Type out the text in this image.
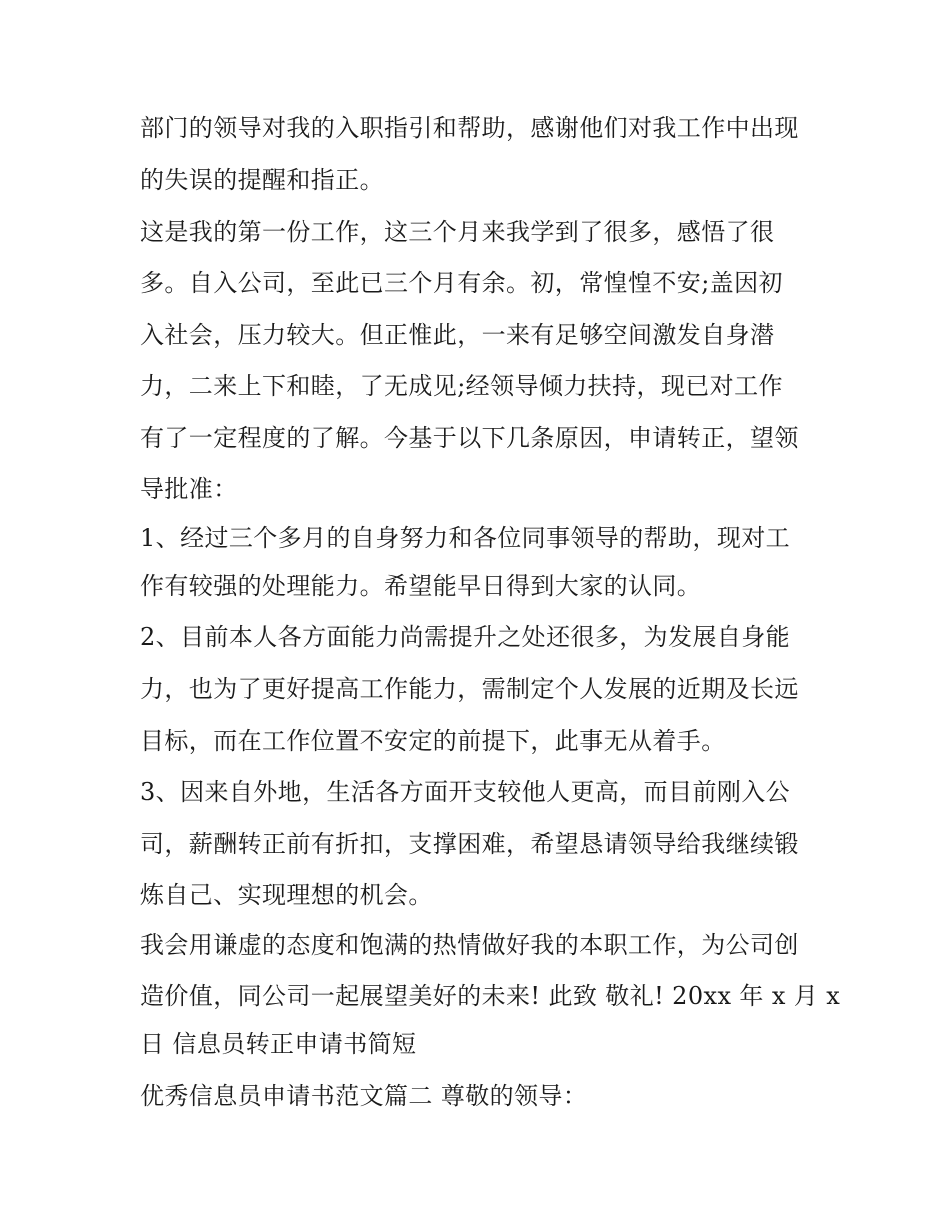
部门的领导对我的入职指引和帮助，感谢他们对我工作中出现
的失误的提醒和指正。
这是我的第一份工作，这三个月来我学到了很多，感悟了很
多。自入公司，至此已三个月有余。初，常惶惶不安;盖因初
入社会，压力较大。但正惟此，一来有足够空间激发自身潜
力，二来上下和睦，了无成见;经领导倾力扶持，现已对工作
有了一定程度的了解。今基于以下几条原因，申请转正，望领
导批准：
1、经过三个多月的自身努力和各位同事领导的帮助，现对工
作有较强的处理能力。希望能早日得到大家的认同。
2、目前本人各方面能力尚需提升之处还很多，为发展自身能
力，也为了更好提高工作能力，需制定个人发展的近期及长远
目标，而在工作位置不安定的前提下，此事无从着手。
3、因来自外地，生活各方面开支较他人更高，而目前刚入公
司，薪酬转正前有折扣，支撑困难，希望恳请领导给我继续锻
炼自己、实现理想的机会。
我会用谦虚的态度和饱满的热情做好我的本职工作，为公司创
造价值，同公司一起展望美好的未来! 此致 敬礼! 20xx 年 x 月 x
日 信息员转正申请书简短
优秀信息员申请书范文篇二 尊敬的领导：
